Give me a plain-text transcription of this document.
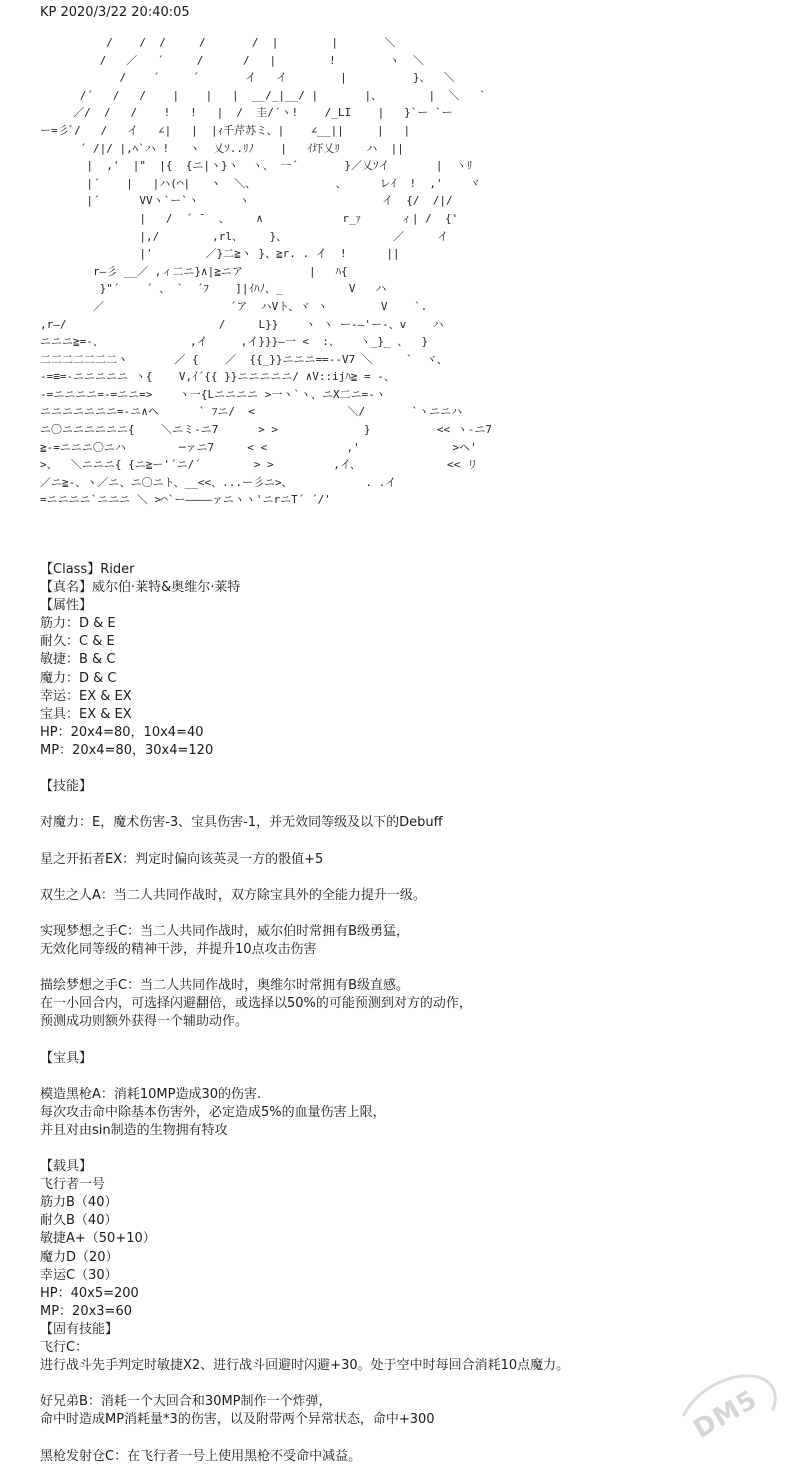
KP 2020/3/22 20:40:05
/    /  /     /       /  |        |       ＼
/   ／   ´     /      /   |        !        ヽ  ＼
/    ´     ´       イ   イ        |          }、  ＼
/´   /   /    |    |   |  __/_|__/ |       |、       |  ＼   `
／/  /   /    !   !   |  /  圭/´ヽ!    /_LI    |   }`ー `ー
ー=彡ﾞ/   /   イ   ∠|   |  |ｨ千芹苏ミ、|    ∠__||     |   |
´ /|/ |,ﾍ`ハ !   ヽ  乂ｿ..ﾘﾉ    |   ｲ圷乂ﾘ    ハ  ||
|  ,'  |"  |{  {ニ|ヽ}ヽ  ヽ、 一´       }／乂ｿイ       |  ヽﾘ
|´    |   |ハ(⌒|   ヽ  ＼、            、     レｲ  !  ,'    ヾ
|´      VVヽ`ー`ヽ      ヽ                    イ  {/  /|/
|   /  ´ ¯  、    ∧            r_ｧ      ィ| /  {'
|,/        ,rl、    }、                ／     イ
|'        ／}二≧ヽ }、≧r. . イ  !      ||
r―彡 __／ ,ィ二ニ}∧|≧ニア          |   ﾊ{
}"´    ´ 、 `  ´ﾌ    ]|ｲﾊﾉ、_          V   ハ
／                   ´ア  ハVト、ヾ ヽ        V    `.
,r―/                       /     L}}    ヽ ヽ ー-―'ー-、v    ハ
ニニニ≧=-、             ,イ     ,イ}}}―一 <  :、   ヽ_}_ 、  }
二二二二二二二ヽ       ／ {    ／  {{_}}ニニニ==--V7 ＼     `  ヾ、
-=≡=-ニニニニニ ヽ{    V,ｲ´{{ }}ニニニニニ/ ∧V::ijﾊ≧ = -、
-=ニニニニ=-=ニニ=>    ヽ一{Lニニニニ >一ヽ`ヽ、ニX二ニ=-ヽ
ニニニニニニニ=-ニ∧ヘ      ` ﾌニ/  <              ＼/       `ヽニニハ
ニ〇ニニニニニニ{    ＼ニミ-ニ7      > >             }          << ヽ-ニ7
≧-=ニニニ〇ニハ        ─ァニ7     < <            ,'              >ヘ'
>、  ＼ニニニ{ {ニ≧ー'´ニ/´        > >         ,イ、             << リ
／ニ≧-、ヽ／ニ、ニ〇ニト、__<<、...ー彡ニ>、           . .イ
=ニニニニ`ニニニ ＼ >⌒`ー――――ァニヽヽ'ニrニT´ ´/'
【Class】Rider
【真名】威尔伯·莱特&奥维尔·莱特
【属性】
筋力：D & E
耐久：C & E
敏捷：B & C
魔力：D & C
幸运：EX & EX
宝具：EX & EX
HP：20x4=80，10x4=40
MP：20x4=80，30x4=120
【技能】
对魔力：E，魔术伤害-3、宝具伤害-1，并无效同等级及以下的Debuff
星之开拓者EX：判定时偏向该英灵一方的骰值+5
双生之人A：当二人共同作战时，双方除宝具外的全能力提升一级。
实现梦想之手C：当二人共同作战时，威尔伯时常拥有B级勇猛，
无效化同等级的精神干涉，并提升10点攻击伤害
描绘梦想之手C：当二人共同作战时，奥维尔时常拥有B级直感。
在一小回合内，可选择闪避翻倍，或选择以50%的可能预测到对方的动作，
预测成功则额外获得一个辅助动作。
【宝具】
模造黑枪A：消耗10MP造成30的伤害.
每次攻击命中除基本伤害外，必定造成5%的血量伤害上限，
并且对由sin制造的生物拥有特攻
【载具】
飞行者一号
筋力B（40）
耐久B（40）
敏捷A+（50+10）
魔力D（20）
幸运C（30）
HP：40x5=200
MP：20x3=60
【固有技能】
飞行C：
进行战斗先手判定时敏捷X2、进行战斗回避时闪避+30。处于空中时每回合消耗10点魔力。
好兄弟B：消耗一个大回合和30MP制作一个炸弹，
命中时造成MP消耗量*3的伤害，以及附带两个异常状态，命中+300
黑枪发射仓C：在飞行者一号上使用黑枪不受命中减益。
DM5
